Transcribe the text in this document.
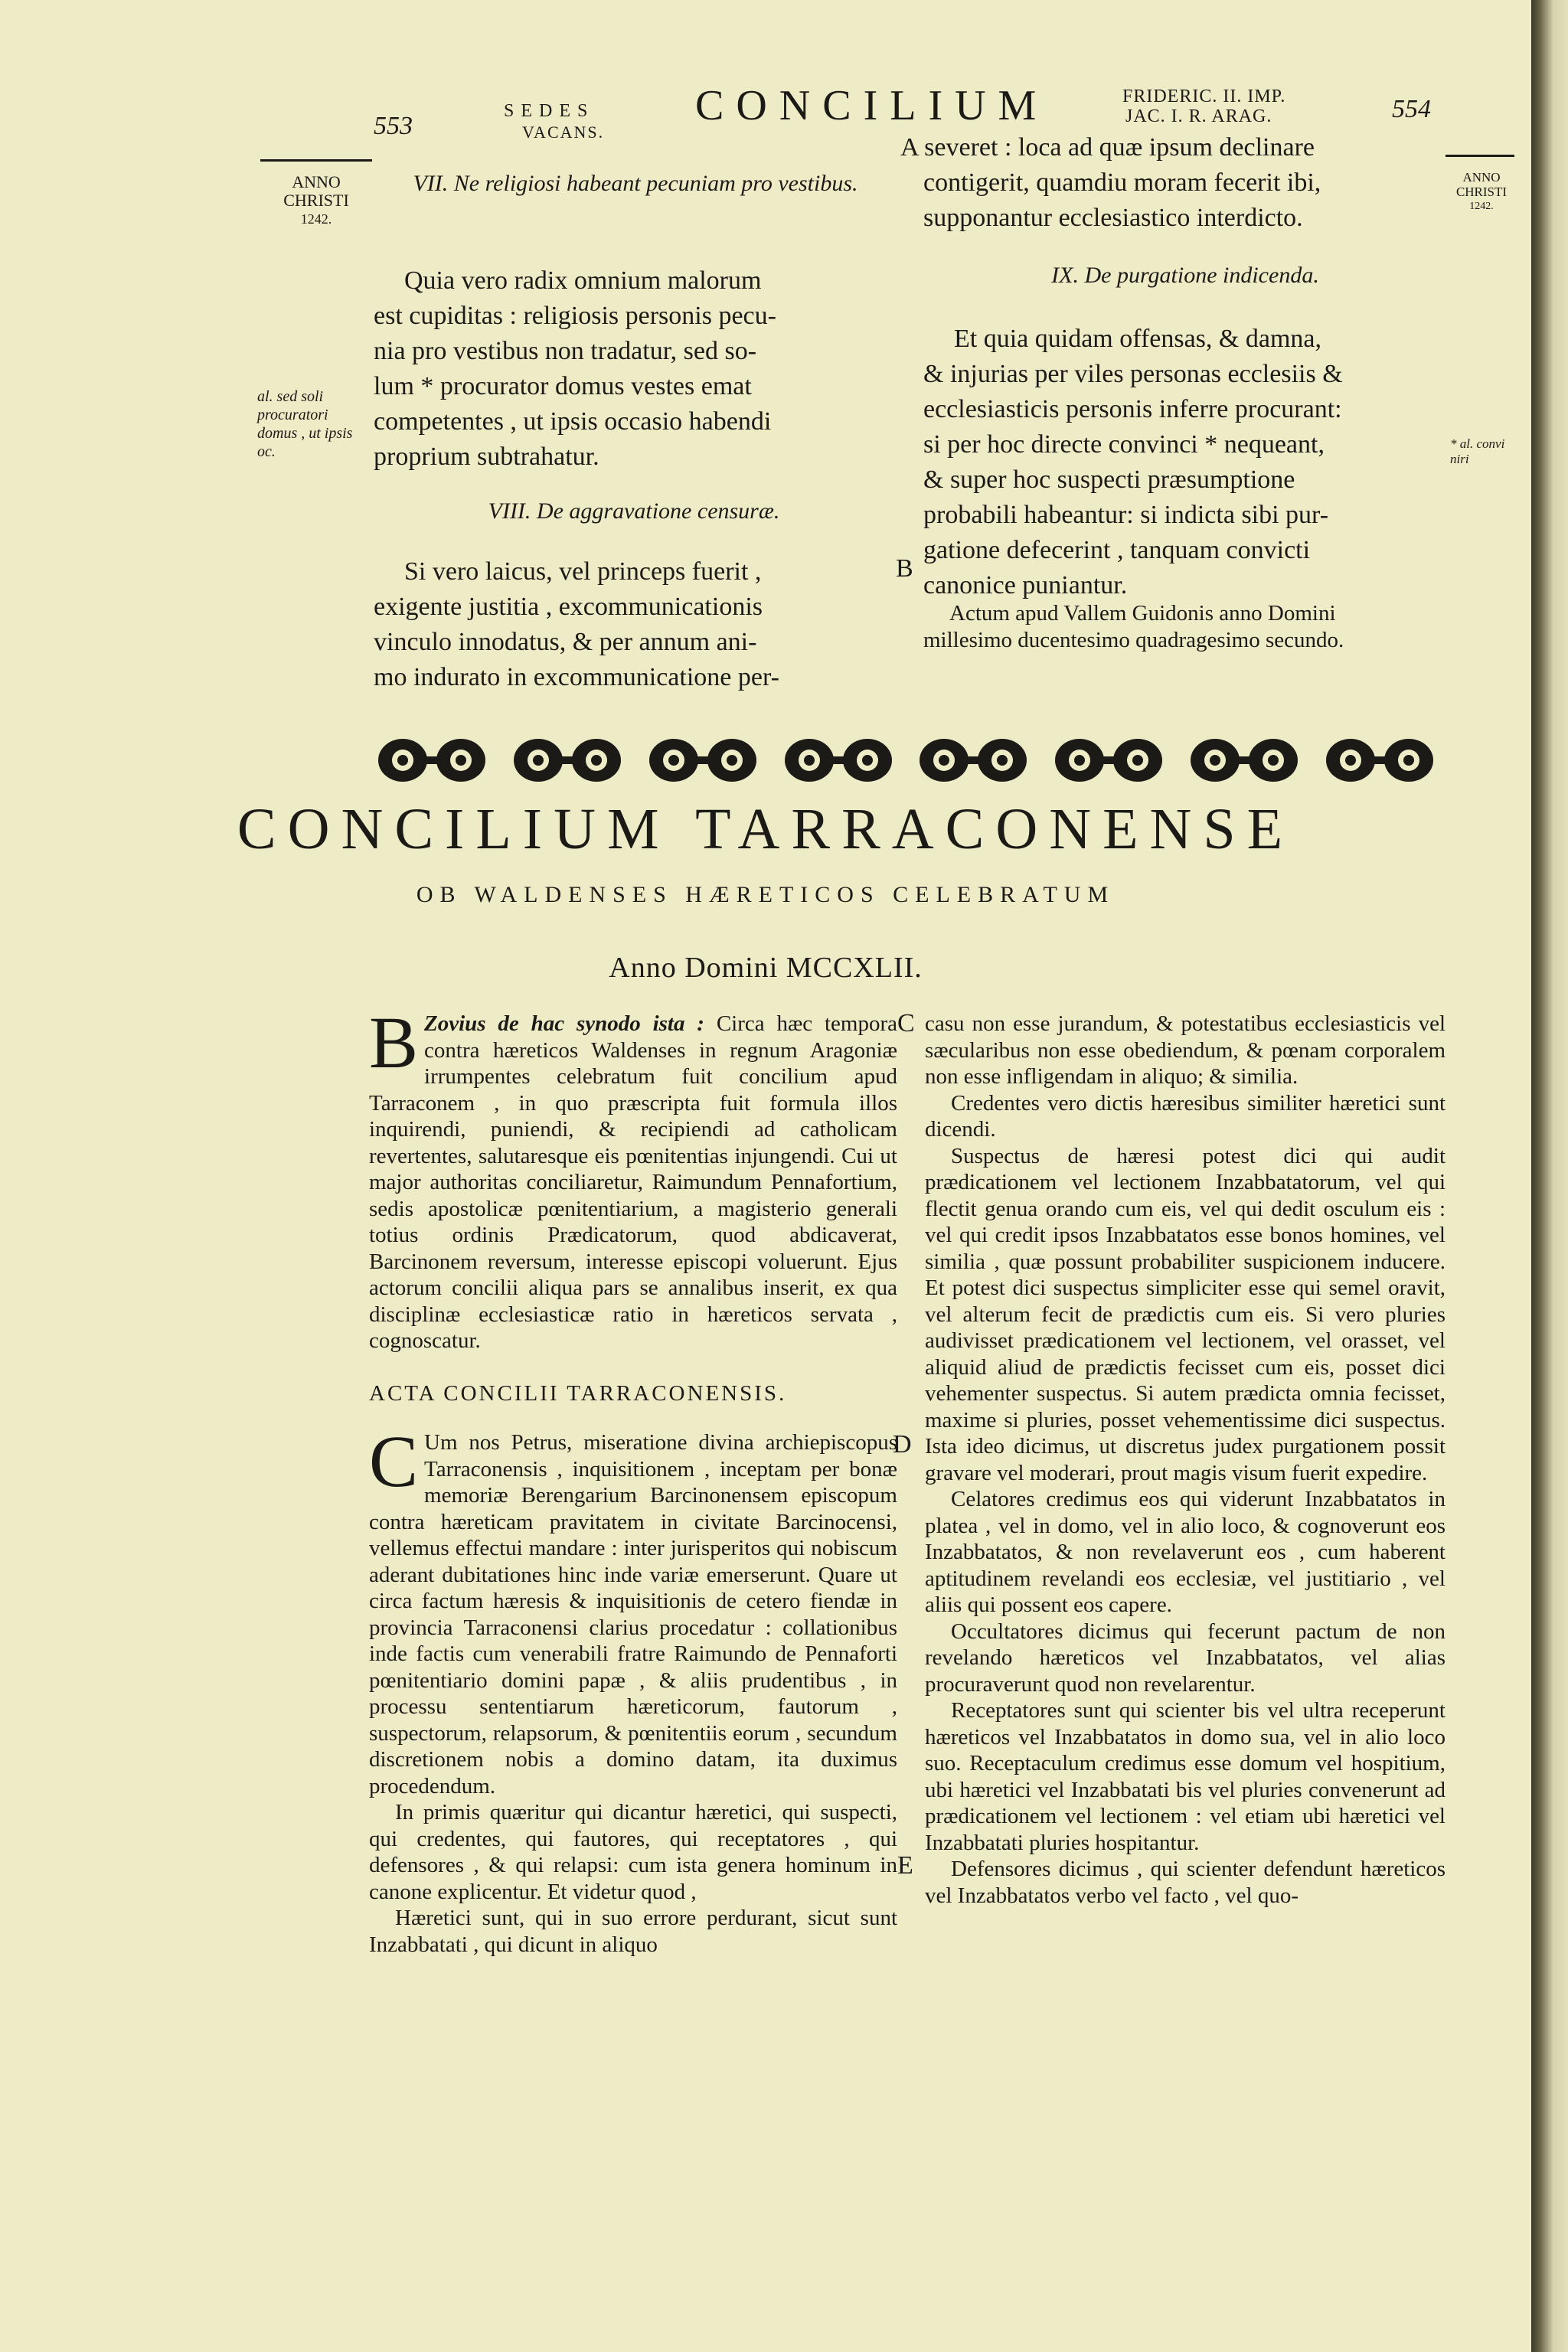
553
SEDES
VACANS.
CONCILIUM	FRIDERIC. II. IMP.
JAC. I. R. ARAG.	554
ANNO
CHRISTI
1242.
al. sed soli procuratori domus , ut ipsis oc.
ANNO
CHRISTI
1242.
* al. convi niri
VII. Ne religiosi habeant pecuniam pro vestibus.

Quia vero radix omnium malorum

est cupiditas : religiosis personis pecu-

nia pro vestibus non tradatur, sed so-

lum * procurator domus vestes emat

competentes , ut ipsis occasio habendi

proprium subtrahatur.

VIII. De aggravatione censuræ.

Si vero laicus, vel princeps fuerit ,

exigente justitia , excommunicationis

vinculo innodatus, & per annum ani-

mo indurato in excommunicatione per-

B

A severet : loca ad quæ ipsum declinare

contigerit, quamdiu moram fecerit ibi,

supponantur ecclesiastico interdicto.

IX. De purgatione indicenda.

Et quia quidam offensas, & damna,

& injurias per viles personas ecclesiis &

ecclesiasticis personis inferre procurant:

si per hoc directe convinci * nequeant,

& super hoc suspecti præsumptione

probabili habeantur: si indicta sibi pur-

gatione defecerint , tanquam convicti

canonice puniantur.

Actum apud Vallem Guidonis anno Domini

millesimo ducentesimo quadragesimo secundo.

CONCILIUM TARRACONENSE
OB WALDENSES HÆRETICOS CELEBRATUM
Anno Domini MCCXLII.

B Zovius de hac synodo ista : Circa hæc tempora contra hæreticos Waldenses in regnum Aragoniæ irrumpentes celebratum fuit concilium apud Tarraconem , in quo præscripta fuit formula illos inquirendi, puniendi, & recipiendi ad catholicam revertentes, salutaresque eis pœnitentias injungendi. Cui ut major authoritas conciliaretur, Raimundum Pennafortium, sedis apostolicæ pœnitentiarium, a magisterio generali totius ordinis Prædicatorum, quod abdicaverat, Barcinonem reversum, interesse episcopi voluerunt. Ejus actorum concilii aliqua pars se annalibus inserit, ex qua disciplinæ ecclesiasticæ ratio in hæreticos servata , cognoscatur.

ACTA CONCILII TARRACONENSIS.

C Um nos Petrus, miseratione divina archiepiscopus Tarraconensis , inquisitionem , inceptam per bonæ memoriæ Berengarium Barcinonensem episcopum contra hæreticam pravitatem in civitate Barcinocensi, vellemus effectui mandare : inter jurisperitos qui nobiscum aderant dubitationes hinc inde variæ emerserunt. Quare ut circa factum hæresis & inquisitionis de cetero fiendæ in provincia Tarraconensi clarius procedatur : collationibus inde factis cum venerabili fratre Raimundo de Pennaforti pœnitentiario domini papæ , & aliis prudentibus , in processu sententiarum hæreticorum, fautorum , suspectorum, relapsorum, & pœnitentiis eorum , secundum discretionem nobis a domino datam, ita duximus procedendum.

In primis quæritur qui dicantur hæretici, qui suspecti, qui credentes, qui fautores, qui receptatores , qui defensores , & qui relapsi: cum ista genera hominum in canone explicentur. Et videtur quod ,

Hæretici sunt, qui in suo errore perdurant, sicut sunt Inzabbatati , qui dicunt in aliquo

C
D
E

casu non esse jurandum, & potestatibus ecclesiasticis vel sæcularibus non esse obediendum, & pœnam corporalem non esse infligendam in aliquo; & similia.

Credentes vero dictis hæresibus similiter hæretici sunt dicendi.

Suspectus de hæresi potest dici qui audit prædicationem vel lectionem Inzabbatatorum, vel qui flectit genua orando cum eis, vel qui dedit osculum eis : vel qui credit ipsos Inzabbatatos esse bonos homines, vel similia , quæ possunt probabiliter suspicionem inducere. Et potest dici suspectus simpliciter esse qui semel oravit, vel alterum fecit de prædictis cum eis. Si vero pluries audivisset prædicationem vel lectionem, vel orasset, vel aliquid aliud de prædictis fecisset cum eis, posset dici vehementer suspectus. Si autem prædicta omnia fecisset, maxime si pluries, posset vehementissime dici suspectus. Ista ideo dicimus, ut discretus judex purgationem possit gravare vel moderari, prout magis visum fuerit expedire.

Celatores credimus eos qui viderunt Inzabbatatos in platea , vel in domo, vel in alio loco, & cognoverunt eos Inzabbatatos, & non revelaverunt eos , cum haberent aptitudinem revelandi eos ecclesiæ, vel justitiario , vel aliis qui possent eos capere.

Occultatores dicimus qui fecerunt pactum de non revelando hæreticos vel Inzabbatatos, vel alias procuraverunt quod non revelarentur.

Receptatores sunt qui scienter bis vel ultra receperunt hæreticos vel Inzabbatatos in domo sua, vel in alio loco suo. Receptaculum credimus esse domum vel hospitium, ubi hæretici vel Inzabbatati bis vel pluries convenerunt ad prædicationem vel lectionem : vel etiam ubi hæretici vel Inzabbatati pluries hospitantur.

Defensores dicimus , qui scienter defendunt hæreticos vel Inzabbatatos verbo vel facto , vel quo-
